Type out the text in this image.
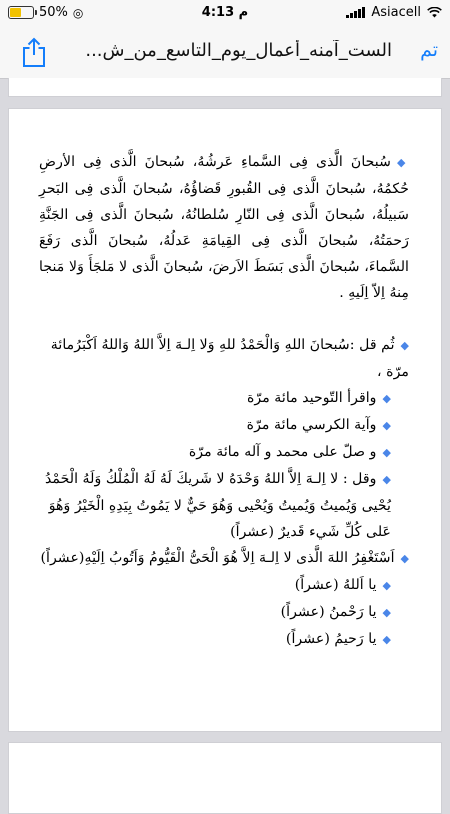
Asiacell
4:13 م
50% ◎
تم
الست_آمنه_أعمال_يوم_التاسع_من_ش...

◆سُبحانَ الَّذى فِى السَّماءِ عَرشُهُ، سُبحانَ الَّذى فِى الأرضِ حُكمُهُ، سُبحانَ الَّذى فِى القُبورِ قَضاؤُهُ، سُبحانَ الَّذى فِى البَحرِ سَبيلُهُ، سُبحانَ الَّذى فِى النّارِ سُلطانُهُ، سُبحانَ الَّذى فِى الجَنَّةِ رَحمَتُهُ، سُبحانَ الَّذى فِى القِيامَةِ عَدلُهُ، سُبحانَ الَّذى رَفَعَ السَّماءَ، سُبحانَ الَّذى بَسَطَ الاَرضَ، سُبحانَ الَّذى لا مَلجَأَ وَلا مَنجا مِنهُ اِلاّ اِلَيهِ .

◆ثُم قل :سُبحانَ اللهِ وَالْحَمْدُ للهِ وَلا اِلـهَ اِلاَّ اللهُ وَاللهُ اَكْبَرُمائة مرّة ،

◆واقرأ التّوحيد مائة مرّة

◆وآية الكرسي مائة مرّة

◆و صلّ على محمد و آله مائة مرّة

◆وقل : لا اِلـهَ اِلاَّ اللهُ وَحْدَهُ لا شَريكَ لَهُ لَهُ الْمُلْكُ وَلَهُ الْحَمْدُ يُحْيى وَيُميتُ وَيُميتُ وَيُحْيى وَهُوَ حَيٌّ لا يَمُوتُ بِيَدِهِ الْخَيْرُ وَهُوَ عَلى كُلِّ شَيء قَديرٌ (عشراً)

◆اَسْتَغْفِرُ اللهَ الَّذى لا اِلـهَ اِلاَّ هُوَ الْحَىُّ الْقَيُّومُ وَاَتُوبُ اِلَيْهِ(عشراً)

◆يا اَللهُ (عشراً)

◆يا رَحْمنُ (عشراً)

◆يا رَحيمُ (عشراً)
